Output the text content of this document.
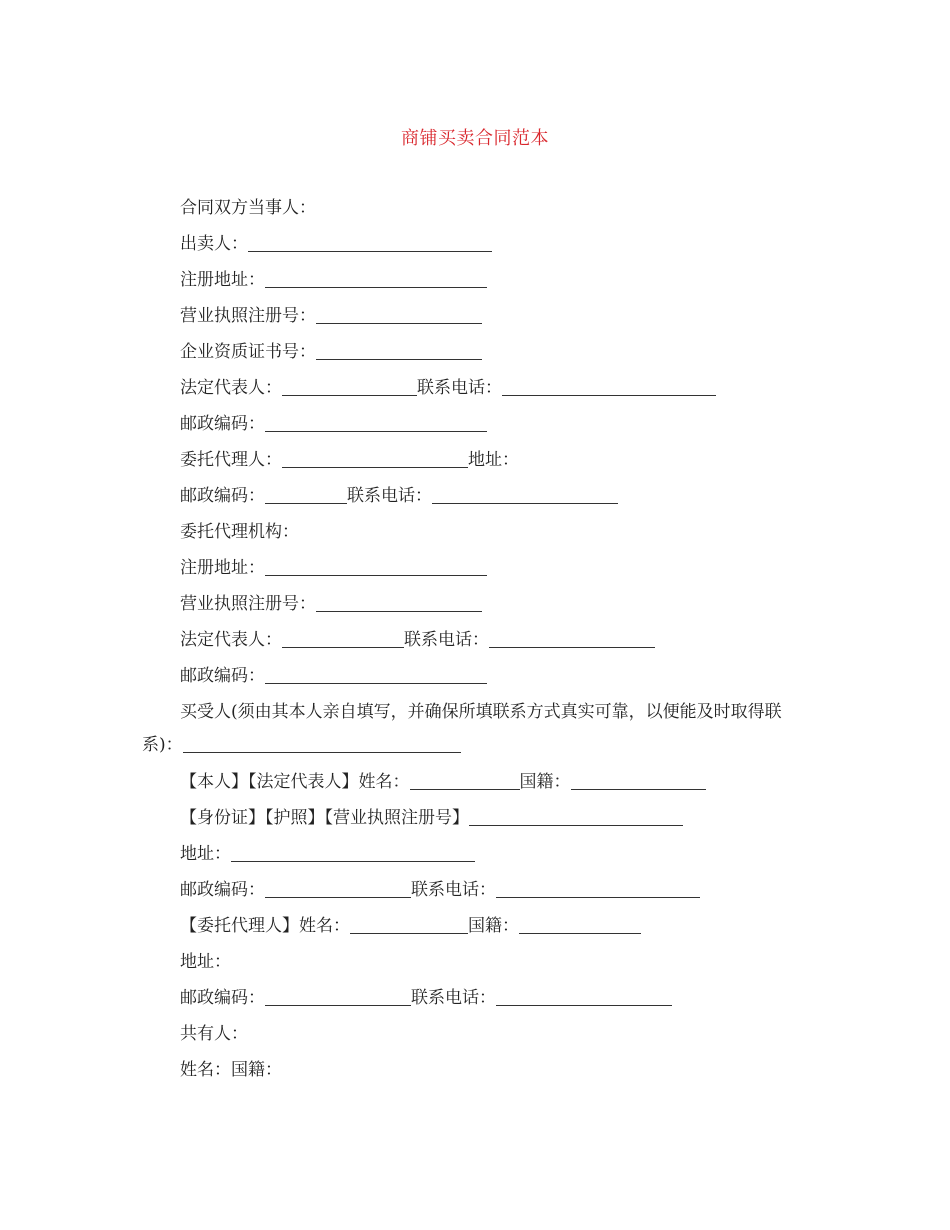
商铺买卖合同范本
合同双方当事人：
出卖人：
注册地址：
营业执照注册号：
企业资质证书号：
法定代表人：	联系电话：
邮政编码：
委托代理人：	地址：
邮政编码：	联系电话：
委托代理机构：
注册地址：
营业执照注册号：
法定代表人：	联系电话：
邮政编码：
买受人(须由其本人亲自填写，并确保所填联系方式真实可靠，以便能及时取得联系)：
【本人】【法定代表人】姓名：	国籍：
【身份证】【护照】【营业执照注册号】
地址：
邮政编码：	联系电话：
【委托代理人】姓名：	国籍：
地址：
邮政编码：	联系电话：
共有人：
姓名：国籍：
